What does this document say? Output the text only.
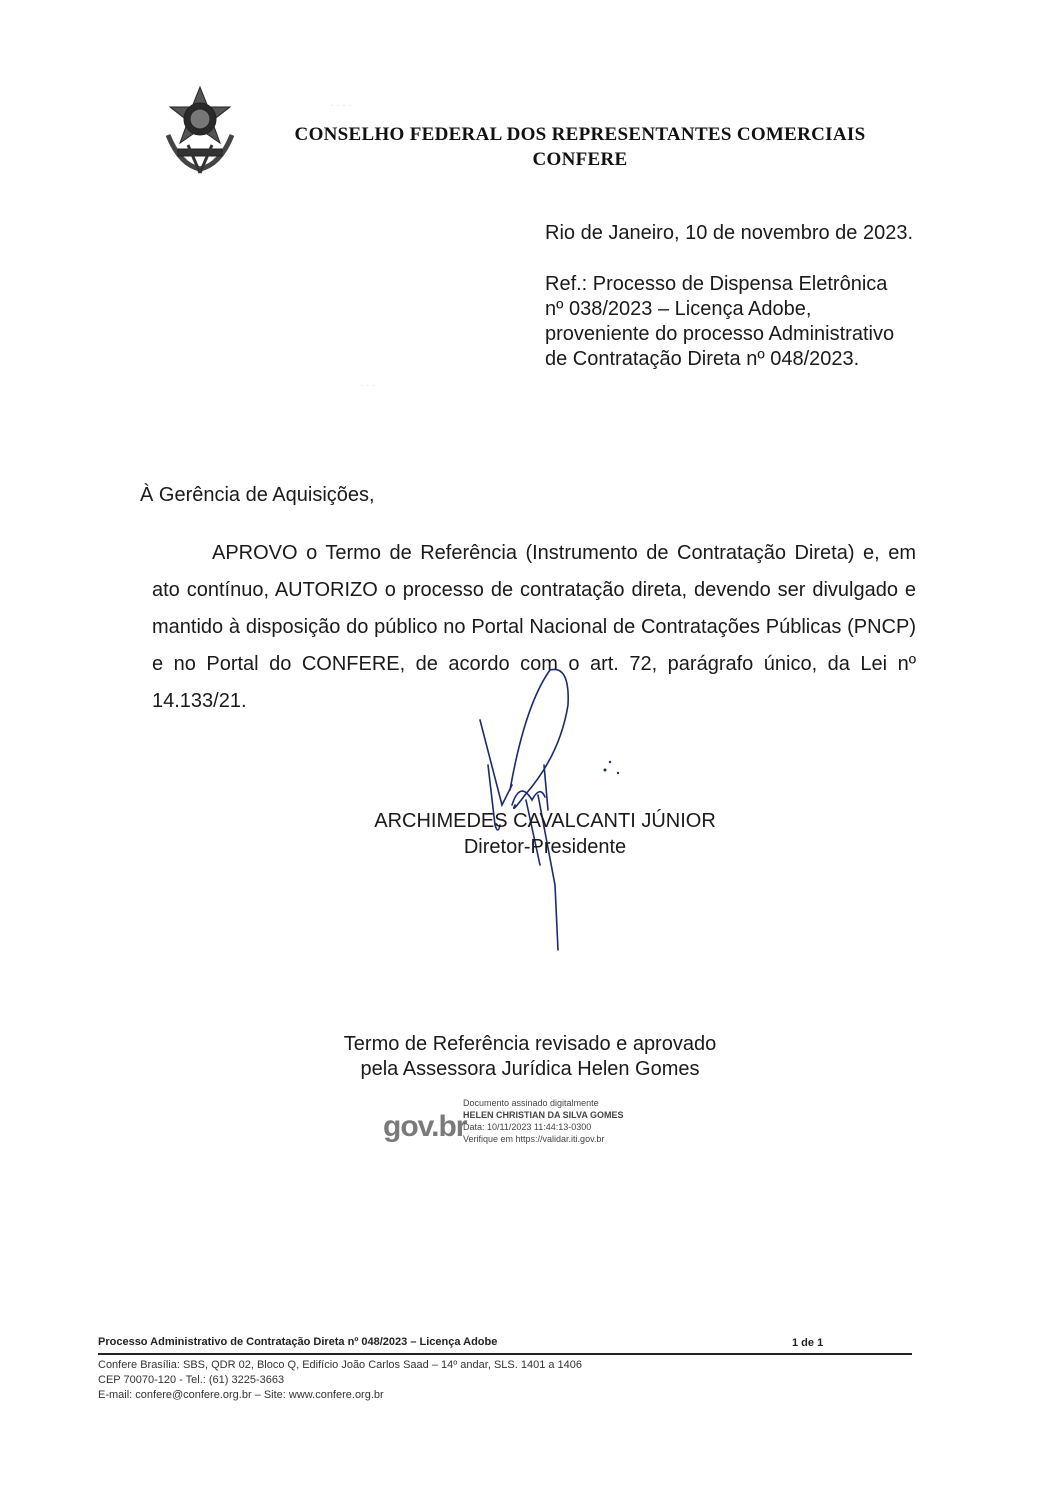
CONSELHO FEDERAL DOS REPRESENTANTES COMERCIAIS
CONFERE
· · · ·
· · ·
Rio de Janeiro, 10 de novembro de 2023.
Ref.: Processo de Dispensa Eletrônica
nº 038/2023 – Licença Adobe,
proveniente do processo Administrativo
de Contratação Direta nº 048/2023.
À Gerência de Aquisições,
APROVO o Termo de Referência (Instrumento de Contratação Direta) e, em
ato contínuo, AUTORIZO o processo de contratação direta, devendo ser divulgado e
mantido à disposição do público no Portal Nacional de Contratações Públicas (PNCP)
e no Portal do CONFERE, de acordo com o art. 72, parágrafo único, da Lei nº
14.133/21.
ARCHIMEDES CAVALCANTI JÚNIOR
Diretor-Presidente
Termo de Referência revisado e aprovado
pela Assessora Jurídica Helen Gomes
gov.br
Documento assinado digitalmente
HELEN CHRISTIAN DA SILVA GOMES
Data: 10/11/2023 11:44:13-0300
Verifique em https://validar.iti.gov.br
Processo Administrativo de Contratação Direta nº 048/2023 – Licença Adobe	1 de 1
Confere Brasília: SBS, QDR 02, Bloco Q, Edifício João Carlos Saad – 14º andar, SLS. 1401 a 1406
CEP 70070-120 - Tel.: (61) 3225-3663
E-mail: confere@confere.org.br – Site: www.confere.org.br
